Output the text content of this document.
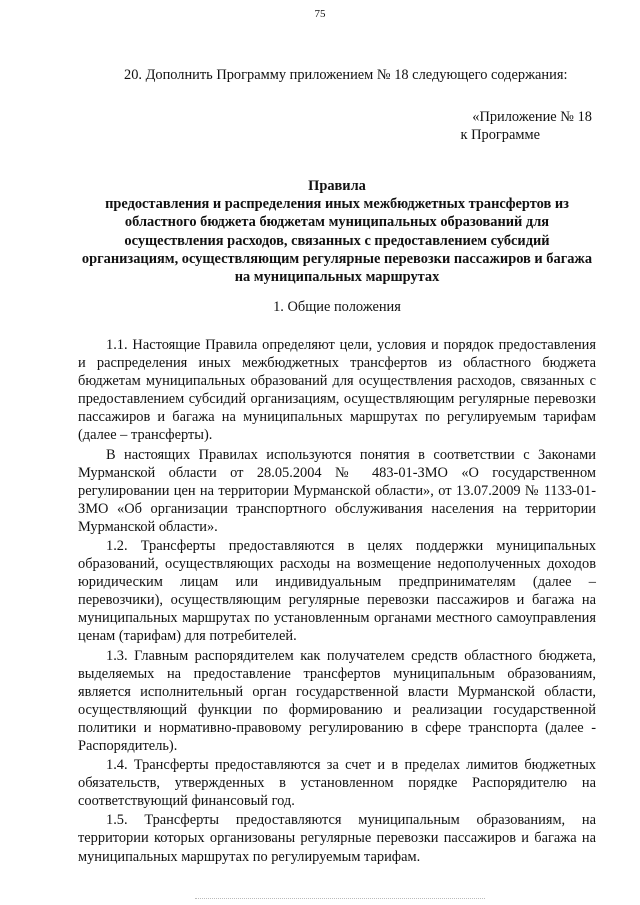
75

20. Дополнить Программу приложением № 18 следующего содержания:

«Приложение № 18
к Программе
Правила
предоставления и распределения иных межбюджетных трансфертов из областного бюджета бюджетам муниципальных образований для осуществления расходов, связанных с предоставлением субсидий организациям, осуществляющим регулярные перевозки пассажиров и багажа на муниципальных маршрутах
1. Общие положения

1.1. Настоящие Правила определяют цели, условия и порядок предоставления и распределения иных межбюджетных трансфертов из областного бюджета бюджетам муниципальных образований для осуществления расходов, связанных с предоставлением субсидий организациям, осуществляющим регулярные перевозки пассажиров и багажа на муниципальных маршрутах по регулируемым тарифам (далее – трансферты).

В настоящих Правилах используются понятия в соответствии с Законами Мурманской области от 28.05.2004 № 483-01-ЗМО «О государственном регулировании цен на территории Мурманской области», от 13.07.2009 № 1133-01-ЗМО «Об организации транспортного обслуживания населения на территории Мурманской области».

1.2. Трансферты предоставляются в целях поддержки муниципальных образований, осуществляющих расходы на возмещение недополученных доходов юридическим лицам или индивидуальным предпринимателям (далее – перевозчики), осуществляющим регулярные перевозки пассажиров и багажа на муниципальных маршрутах по установленным органами местного самоуправления ценам (тарифам) для потребителей.

1.3. Главным распорядителем как получателем средств областного бюджета, выделяемых на предоставление трансфертов муниципальным образованиям, является исполнительный орган государственной власти Мурманской области, осуществляющий функции по формированию и реализации государственной политики и нормативно-правовому регулированию в сфере транспорта (далее - Распорядитель).

1.4. Трансферты предоставляются за счет и в пределах лимитов бюджетных обязательств, утвержденных в установленном порядке Распорядителю на соответствующий финансовый год.

1.5. Трансферты предоставляются муниципальным образованиям, на территории которых организованы регулярные перевозки пассажиров и багажа на муниципальных маршрутах по регулируемым тарифам.
